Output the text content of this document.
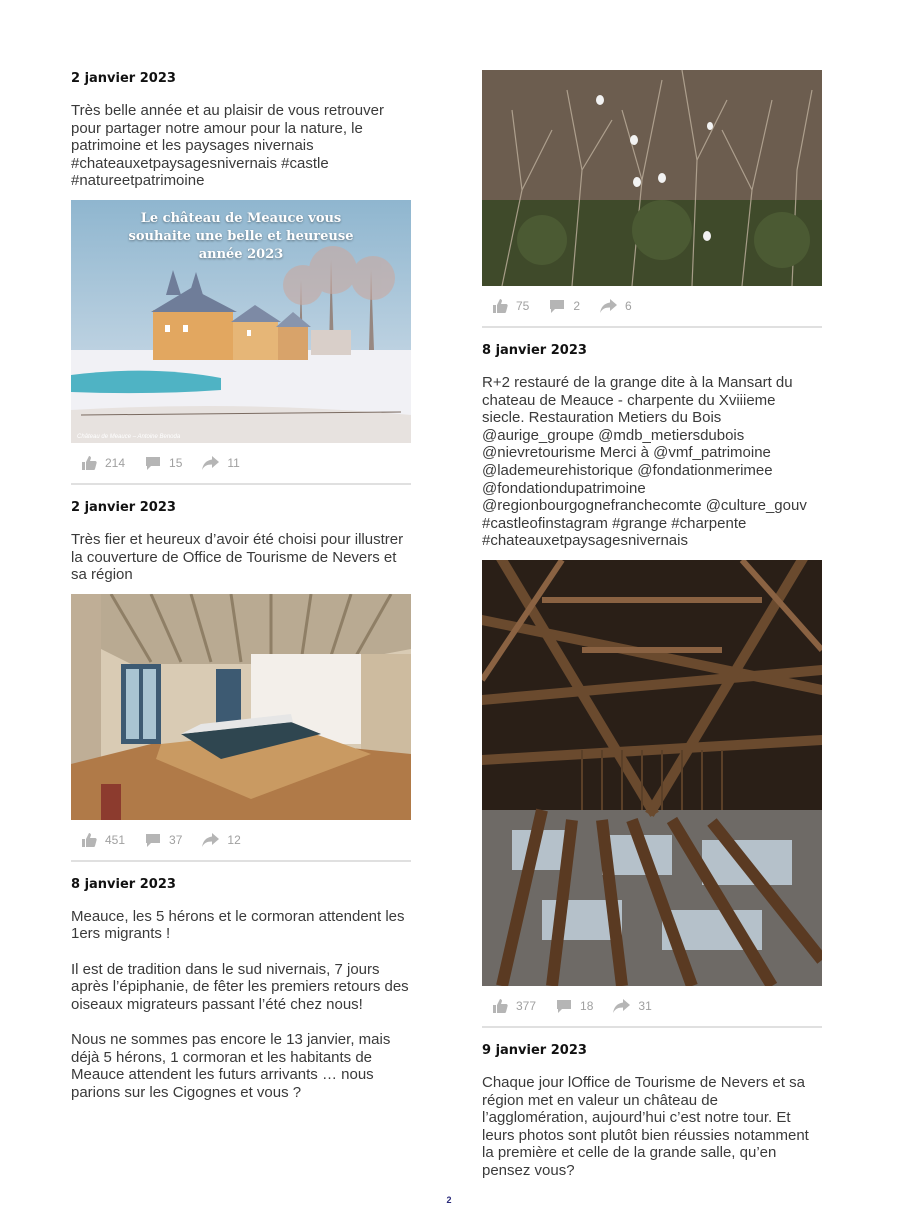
2 janvier 2023

Très belle année et au plaisir de vous retrouver pour partager notre amour pour la nature, le patrimoine et les paysages nivernais #chateauxetpaysagesnivernais #castle #natureetpatrimoine

Le château de Meauce vous souhaite une belle et heureuse année 2023
Château de Meauce – Antoine Benoda
214	15	11

2 janvier 2023

Très fier et heureux d’avoir été choisi pour illustrer la couverture de Office de Tourisme de Nevers et sa région

451	37	12

8 janvier 2023

Meauce, les 5 hérons et le cormoran attendent les 1ers migrants !

Il est de tradition dans le sud nivernais, 7 jours après l’épiphanie, de fêter les premiers retours des oiseaux migrateurs passant l’été chez nous!

Nous ne sommes pas encore le 13 janvier, mais déjà 5 hérons, 1 cormoran et les habitants de Meauce attendent les futurs arrivants … nous parions sur les Cigognes et vous ?

75	2	6

8 janvier 2023

R+2 restauré de la grange dite à la Mansart du chateau de Meauce - charpente du Xviiieme siecle. Restauration Metiers du Bois @aurige_groupe @mdb_metiersdubois @nievretourisme Merci à @vmf_patrimoine @lademeurehistorique @fondationmerimee @fondationdupatrimoine @regionbourgognefranchecomte @culture_gouv #castleofinstagram #grange #charpente #chateauxetpaysagesnivernais

377	18	31

9 janvier 2023

Chaque jour lOffice de Tourisme de Nevers et sa région met en valeur un château de l’agglomération, aujourd’hui c’est notre tour. Et leurs photos sont plutôt bien réussies notamment la première et celle de la grande salle, qu’en pensez vous?

2
